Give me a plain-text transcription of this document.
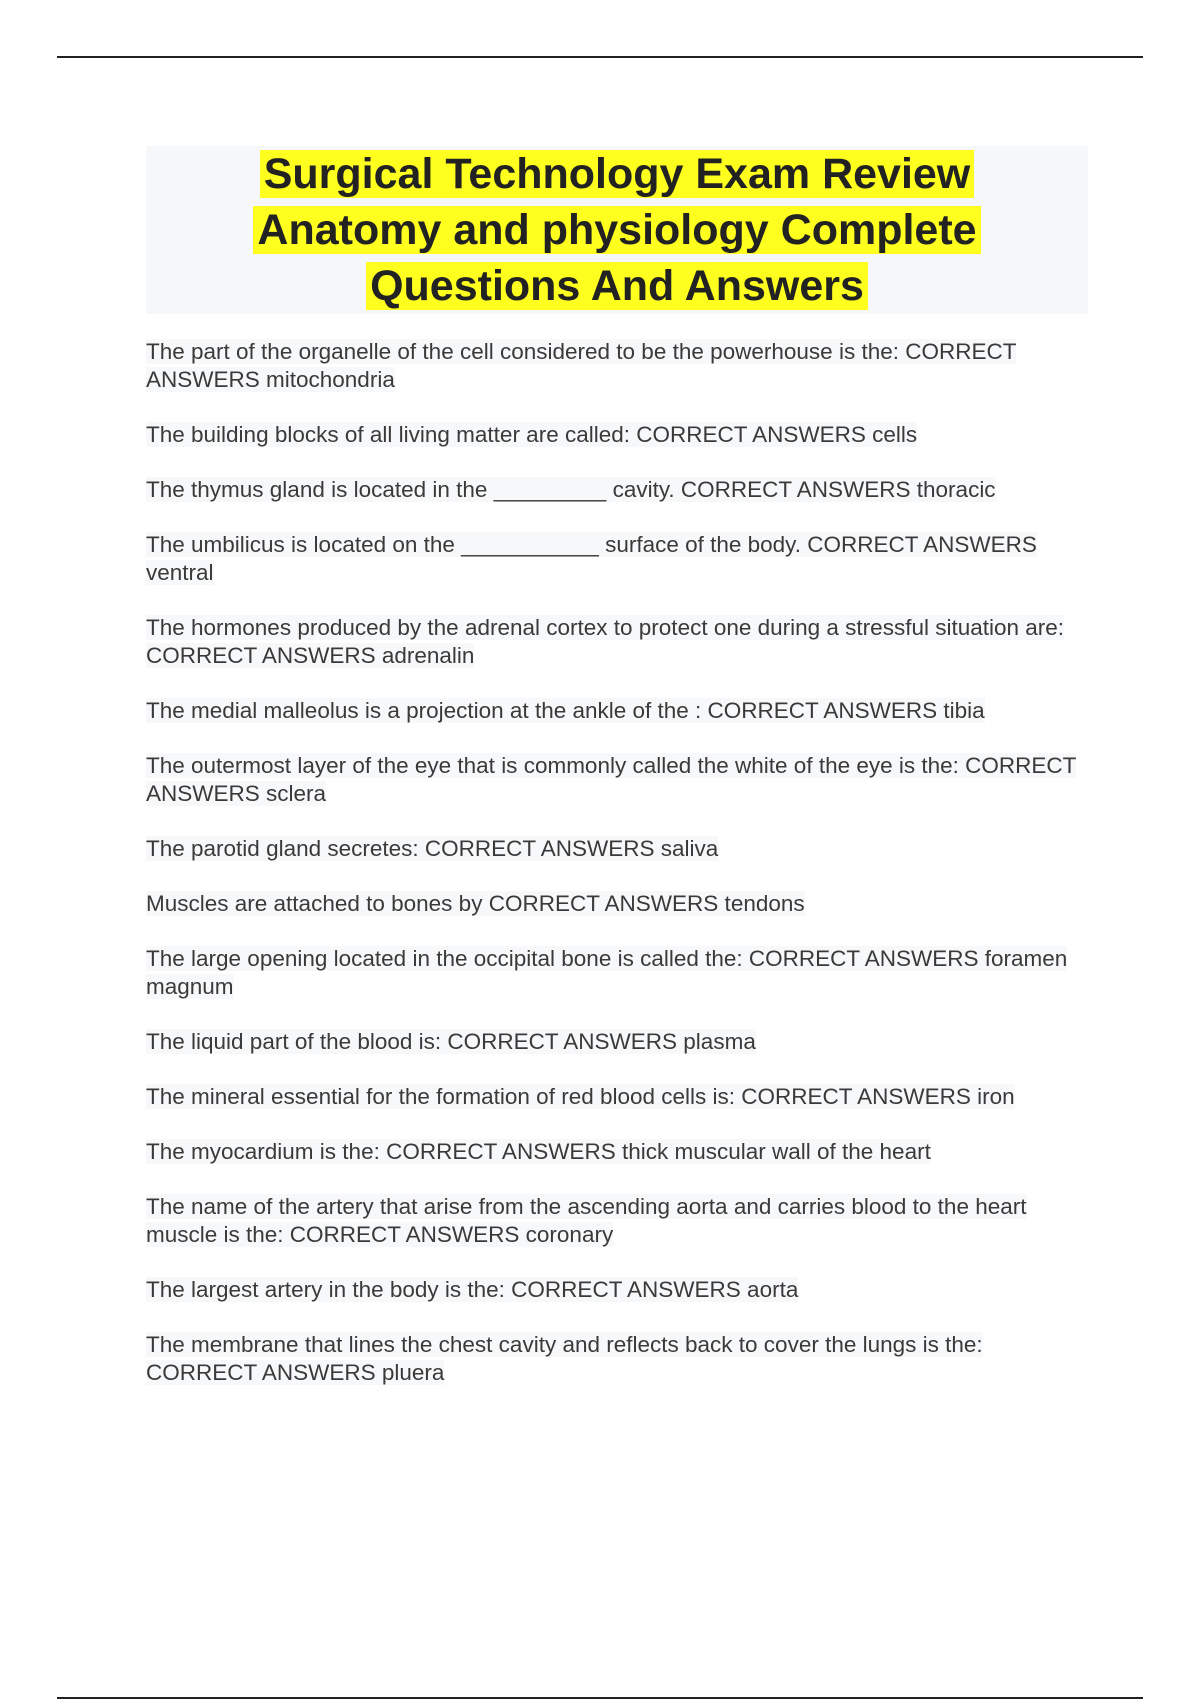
Surgical Technology Exam Review
Anatomy and physiology Complete
Questions And Answers
The part of the organelle of the cell considered to be the powerhouse is the: CORRECT ANSWERS mitochondria
The building blocks of all living matter are called: CORRECT ANSWERS cells
The thymus gland is located in the _________ cavity. CORRECT ANSWERS thoracic
The umbilicus is located on the ___________ surface of the body. CORRECT ANSWERS ventral
The hormones produced by the adrenal cortex to protect one during a stressful situation are: CORRECT ANSWERS adrenalin
The medial malleolus is a projection at the ankle of the : CORRECT ANSWERS tibia
The outermost layer of the eye that is commonly called the white of the eye is the: CORRECT ANSWERS sclera
The parotid gland secretes: CORRECT ANSWERS saliva
Muscles are attached to bones by CORRECT ANSWERS tendons
The large opening located in the occipital bone is called the: CORRECT ANSWERS foramen magnum
The liquid part of the blood is: CORRECT ANSWERS plasma
The mineral essential for the formation of red blood cells is: CORRECT ANSWERS iron
The myocardium is the: CORRECT ANSWERS thick muscular wall of the heart
The name of the artery that arise from the ascending aorta and carries blood to the heart muscle is the: CORRECT ANSWERS coronary
The largest artery in the body is the: CORRECT ANSWERS aorta
The membrane that lines the chest cavity and reflects back to cover the lungs is the: CORRECT ANSWERS pluera
